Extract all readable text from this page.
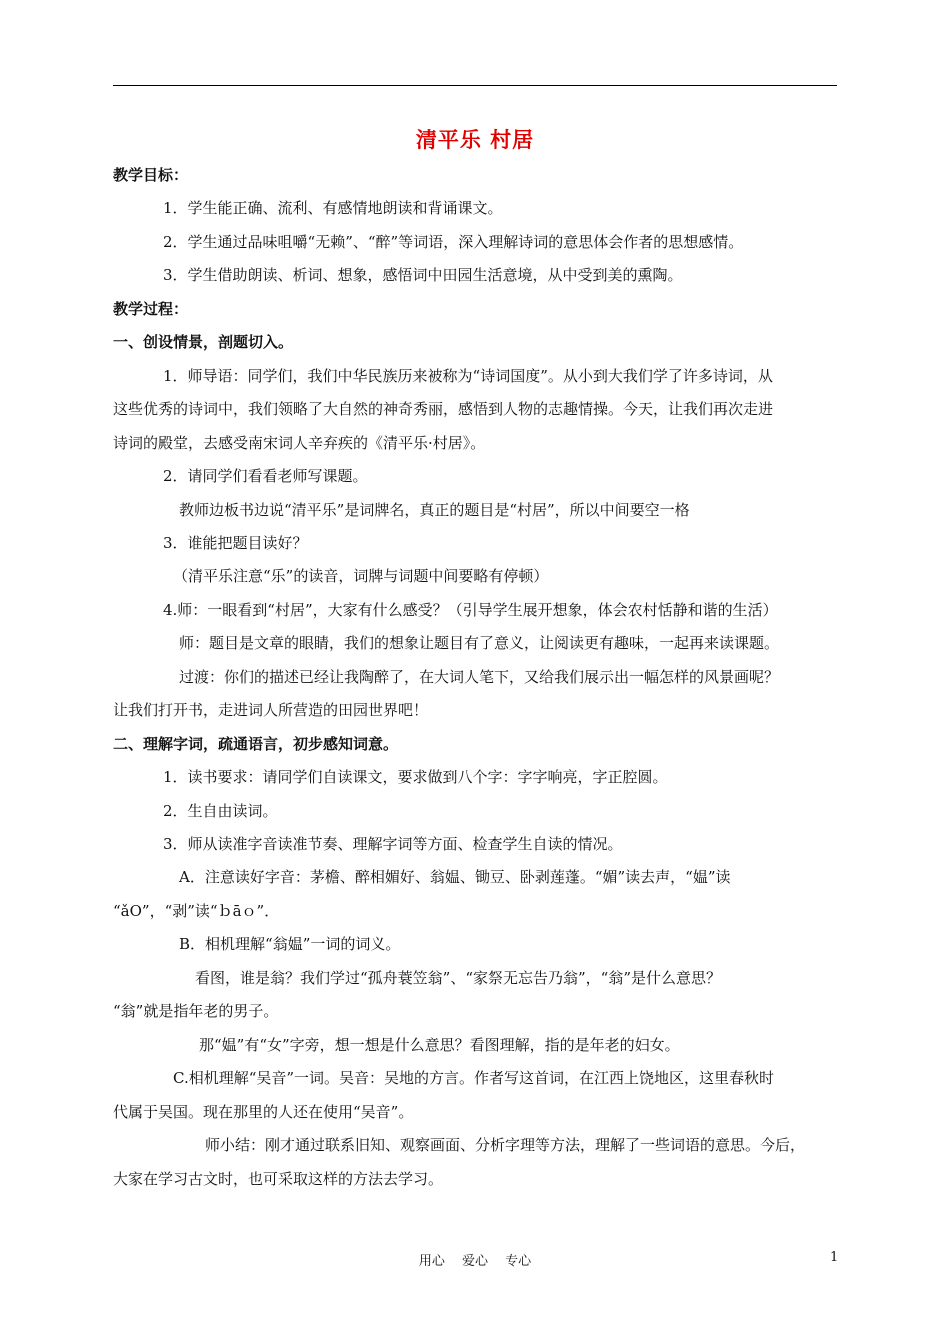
清平乐 村居
教学目标：
1．学生能正确、流利、有感情地朗读和背诵课文。
2．学生通过品味咀嚼“无赖”、“醉”等词语，深入理解诗词的意思体会作者的思想感情。
3．学生借助朗读、析词、想象，感悟词中田园生活意境，从中受到美的熏陶。
教学过程：
一、创设情景，剖题切入。
1．师导语：同学们，我们中华民族历来被称为“诗词国度”。从小到大我们学了许多诗词，从
这些优秀的诗词中，我们领略了大自然的神奇秀丽，感悟到人物的志趣情操。今天，让我们再次走进
诗词的殿堂，去感受南宋词人辛弃疾的《清平乐·村居》。
2．请同学们看看老师写课题。
教师边板书边说“清平乐”是词牌名，真正的题目是“村居”，所以中间要空一格
3．谁能把题目读好？
（清平乐注意“乐”的读音，词牌与词题中间要略有停顿）
4.师：一眼看到“村居”，大家有什么感受？（引导学生展开想象，体会农村恬静和谐的生活）
师：题目是文章的眼睛，我们的想象让题目有了意义，让阅读更有趣味，一起再来读课题。
过渡：你们的描述已经让我陶醉了，在大词人笔下，又给我们展示出一幅怎样的风景画呢？
让我们打开书，走进词人所营造的田园世界吧！
二、理解字词，疏通语言，初步感知词意。
1．读书要求：请同学们自读课文，要求做到八个字：字字响亮，字正腔圆。
2．生自由读词。
3．师从读准字音读准节奏、理解字词等方面、检查学生自读的情况。
A．注意读好字音：茅檐、醉相媚好、翁媪、锄豆、卧剥莲蓬。“媚”读去声，“媪”读
“ǎO”，“剥”读“ｂāｏ”．
B．相机理解“翁媪”一词的词义。
看图，谁是翁？我们学过“孤舟蓑笠翁”、“家祭无忘告乃翁”，“翁”是什么意思？
“翁”就是指年老的男子。
那“媪”有“女”字旁，想一想是什么意思？看图理解，指的是年老的妇女。
C.相机理解“吴音”一词。吴音：吴地的方言。作者写这首词，在江西上饶地区，这里春秋时
代属于吴国。现在那里的人还在使用“吴音”。
师小结：刚才通过联系旧知、观察画面、分析字理等方法，理解了一些词语的意思。今后，
大家在学习古文时，也可采取这样的方法去学习。
用心　 爱心　 专心	1
